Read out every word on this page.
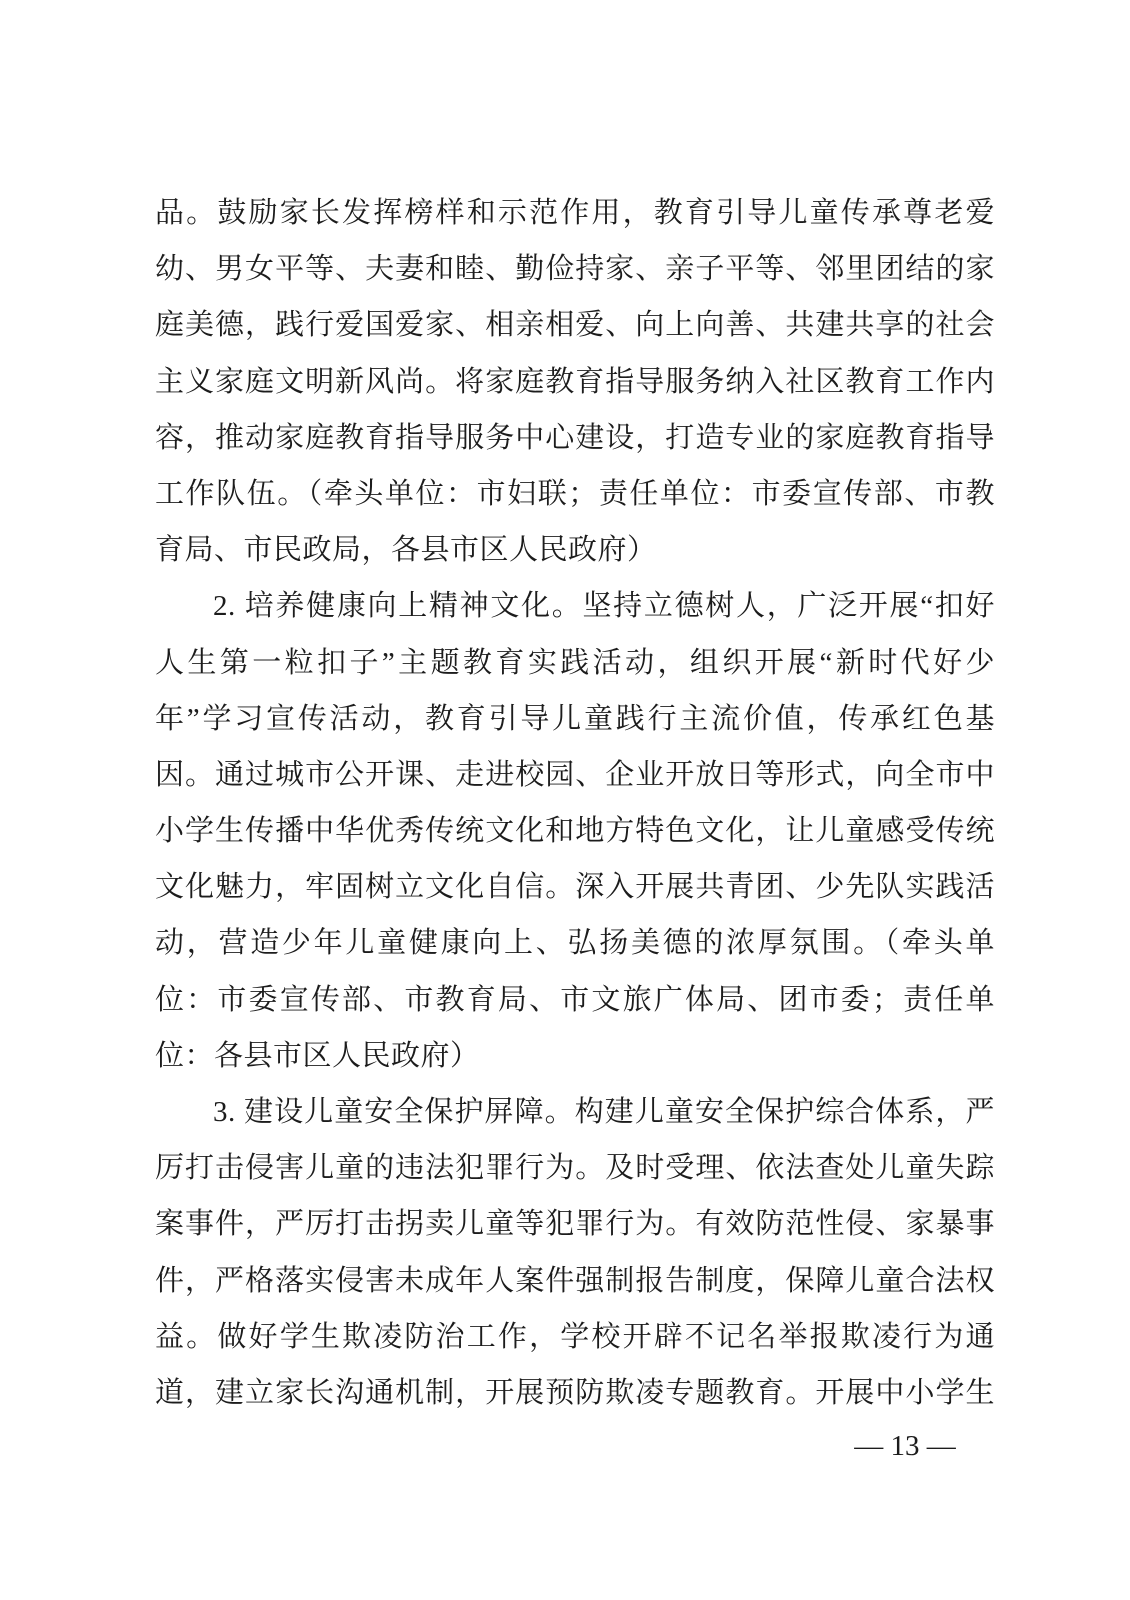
品。鼓励家长发挥榜样和示范作用，教育引导儿童传承尊老爱
幼、男女平等、夫妻和睦、勤俭持家、亲子平等、邻里团结的家
庭美德，践行爱国爱家、相亲相爱、向上向善、共建共享的社会
主义家庭文明新风尚。将家庭教育指导服务纳入社区教育工作内
容，推动家庭教育指导服务中心建设，打造专业的家庭教育指导
工作队伍。（牵头单位：市妇联；责任单位：市委宣传部、市教
育局、市民政局，各县市区人民政府）
2. 培养健康向上精神文化。坚持立德树人，广泛开展“扣好
人生第一粒扣子”主题教育实践活动，组织开展“新时代好少
年”学习宣传活动，教育引导儿童践行主流价值，传承红色基
因。通过城市公开课、走进校园、企业开放日等形式，向全市中
小学生传播中华优秀传统文化和地方特色文化，让儿童感受传统
文化魅力，牢固树立文化自信。深入开展共青团、少先队实践活
动，营造少年儿童健康向上、弘扬美德的浓厚氛围。（牵头单
位：市委宣传部、市教育局、市文旅广体局、团市委；责任单
位：各县市区人民政府）
3. 建设儿童安全保护屏障。构建儿童安全保护综合体系，严
厉打击侵害儿童的违法犯罪行为。及时受理、依法查处儿童失踪
案事件，严厉打击拐卖儿童等犯罪行为。有效防范性侵、家暴事
件，严格落实侵害未成年人案件强制报告制度，保障儿童合法权
益。做好学生欺凌防治工作，学校开辟不记名举报欺凌行为通
道，建立家长沟通机制，开展预防欺凌专题教育。开展中小学生
— 13 —
